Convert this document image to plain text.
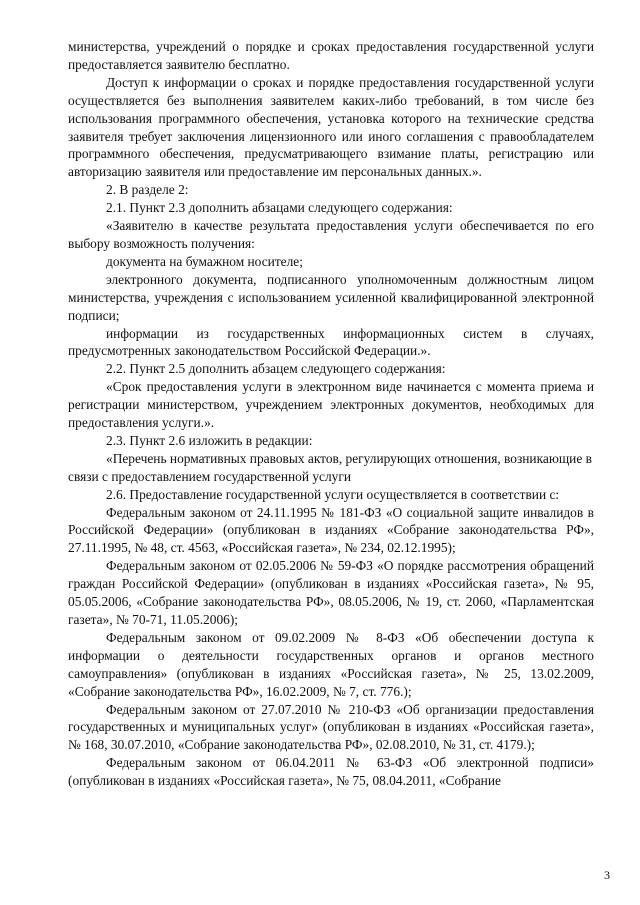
министерства, учреждений о порядке и сроках предоставления государственной услуги предоставляется заявителю бесплатно.

Доступ к информации о сроках и порядке предоставления государственной услуги осуществляется без выполнения заявителем каких-либо требований, в том числе без использования программного обеспечения, установка которого на технические средства заявителя требует заключения лицензионного или иного соглашения с правообладателем программного обеспечения, предусматривающего взимание платы, регистрацию или авторизацию заявителя или предоставление им персональных данных.».

2. В разделе 2:

2.1. Пункт 2.3 дополнить абзацами следующего содержания:

«Заявителю в качестве результата предоставления услуги обеспечивается по его выбору возможность получения:

документа на бумажном носителе;

электронного документа, подписанного уполномоченным должностным лицом министерства, учреждения с использованием усиленной квалифицированной электронной подписи;

информации из государственных информационных систем в случаях, предусмотренных законодательством Российской Федерации.».

2.2. Пункт 2.5 дополнить абзацем следующего содержания:

«Срок предоставления услуги в электронном виде начинается с момента приема и регистрации министерством, учреждением электронных документов, необходимых для предоставления услуги.».

2.3. Пункт 2.6 изложить в редакции:

«Перечень нормативных правовых актов, регулирующих отношения, возникающие в связи с предоставлением государственной услуги

2.6. Предоставление государственной услуги осуществляется в соответствии с:

Федеральным законом от 24.11.1995 № 181-ФЗ «О социальной защите инвалидов в Российской Федерации» (опубликован в изданиях «Собрание законодательства РФ», 27.11.1995, № 48, ст. 4563, «Российская газета», № 234, 02.12.1995);

Федеральным законом от 02.05.2006 № 59-ФЗ «О порядке рассмотрения обращений граждан Российской Федерации» (опубликован в изданиях «Российская газета», № 95, 05.05.2006, «Собрание законодательства РФ», 08.05.2006, № 19, ст. 2060, «Парламентская газета», № 70-71, 11.05.2006);

Федеральным законом от 09.02.2009 № 8-ФЗ «Об обеспечении доступа к информации о деятельности государственных органов и органов местного самоуправления» (опубликован в изданиях «Российская газета», № 25, 13.02.2009, «Собрание законодательства РФ», 16.02.2009, № 7, ст. 776.);

Федеральным законом от 27.07.2010 № 210-ФЗ «Об организации предоставления государственных и муниципальных услуг» (опубликован в изданиях «Российская газета», № 168, 30.07.2010, «Собрание законодательства РФ», 02.08.2010, № 31, ст. 4179.);

Федеральным законом от 06.04.2011 № 63-ФЗ «Об электронной подписи» (опубликован в изданиях «Российская газета», № 75, 08.04.2011, «Собрание

3
